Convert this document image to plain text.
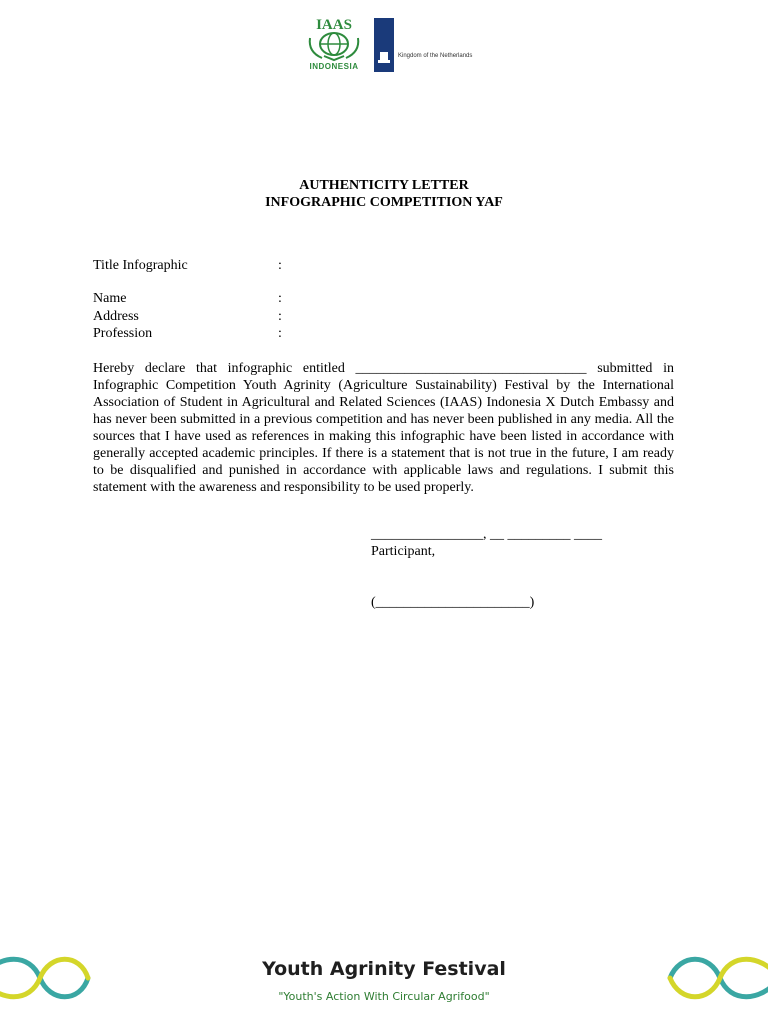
IAAS
INDONESIA
Kingdom of the Netherlands
AUTHENTICITY LETTER
INFOGRAPHIC COMPETITION YAF
Title Infographic	:
Name	:
Address	:
Profession	:

Hereby declare that infographic entitled _________________________________ submitted in Infographic Competition Youth Agrinity (Agriculture Sustainability) Festival by the International Association of Student in Agricultural and Related Sciences (IAAS) Indonesia X Dutch Embassy and has never been submitted in a previous competition and has never been published in any media. All the sources that I have used as references in making this infographic have been listed in accordance with generally accepted academic principles. If there is a statement that is not true in the future, I am ready to be disqualified and punished in accordance with applicable laws and regulations. I submit this statement with the awareness and responsibility to be used properly.

________________, __ _________ ____
Participant,
(______________________)
Youth Agrinity Festival
"Youth's Action With Circular Agrifood"
